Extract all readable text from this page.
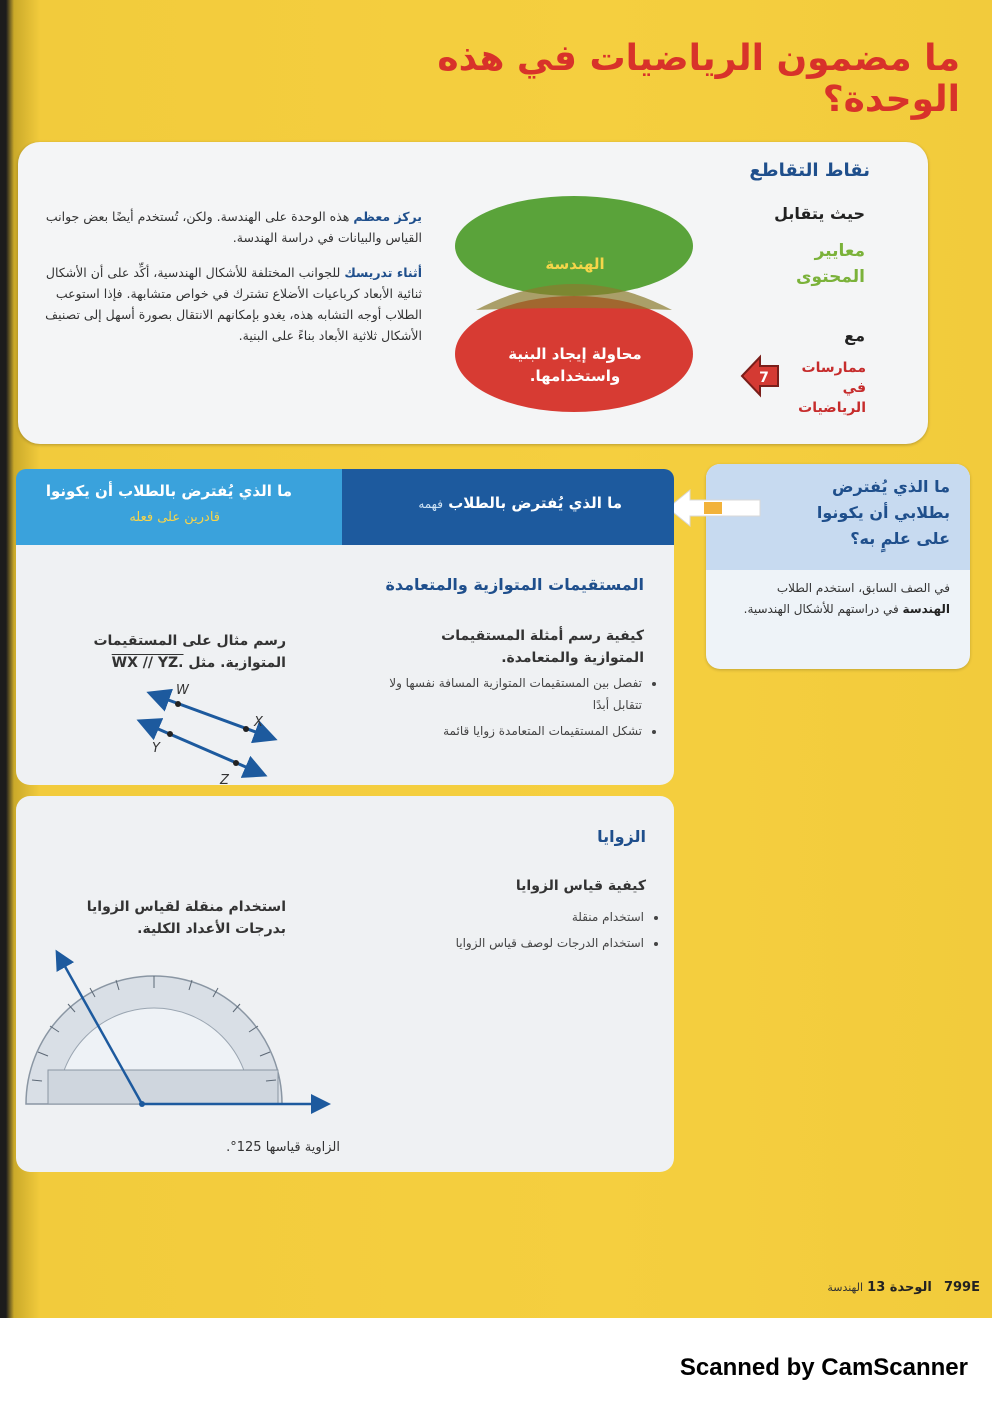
ما مضمون الرياضيات في هذه الوحدة؟
نقاط التقاطع
حيث يتقابل
معايير المحتوى
مع
7
ممارسات في الرياضيات
الهندسة
محاولة إيجاد البنية واستخدامها.
يركز معظم هذه الوحدة على الهندسة. ولكن، تُستخدم أيضًا بعض جوانب القياس والبيانات في دراسة الهندسة.
أثناء تدريسك للجوانب المختلفة للأشكال الهندسية، أكِّد على أن الأشكال ثنائية الأبعاد كرباعيات الأضلاع تشترك في خواص متشابهة. فإذا استوعب الطلاب أوجه التشابه هذه، يغدو بإمكانهم الانتقال بصورة أسهل إلى تصنيف الأشكال ثلاثية الأبعاد بناءً على البنية.
ما الذي يُفترض بطلابي أن يكونوا على علمٍ به؟
في الصف السابق، استخدم الطلاب الهندسة في دراستهم للأشكال الهندسية.
ما الذي يُفترض بالطلاب فهمه
ما الذي يُفترض بالطلاب أن يكونوا
قادرين على فعله
المستقيمات المتوازية والمتعامدة
كيفية رسم أمثلة المستقيمات المتوازية والمتعامدة.
• تفصل بين المستقيمات المتوازية المسافة نفسها ولا تتقابل أبدًا
• تشكل المستقيمات المتعامدة زوايا قائمة
رسم مثال على المستقيمات المتوازية. مثل WX // YZ.
W
X
Y
Z
الزوايا
كيفية قياس الزوايا
• استخدام منقلة
• استخدام الدرجات لوصف قياس الزوايا
استخدام منقلة لقياس الزوايا بدرجات الأعداد الكلية.
الزاوية قياسها 125°.
799E الوحدة 13 الهندسة
Scanned by CamScanner
